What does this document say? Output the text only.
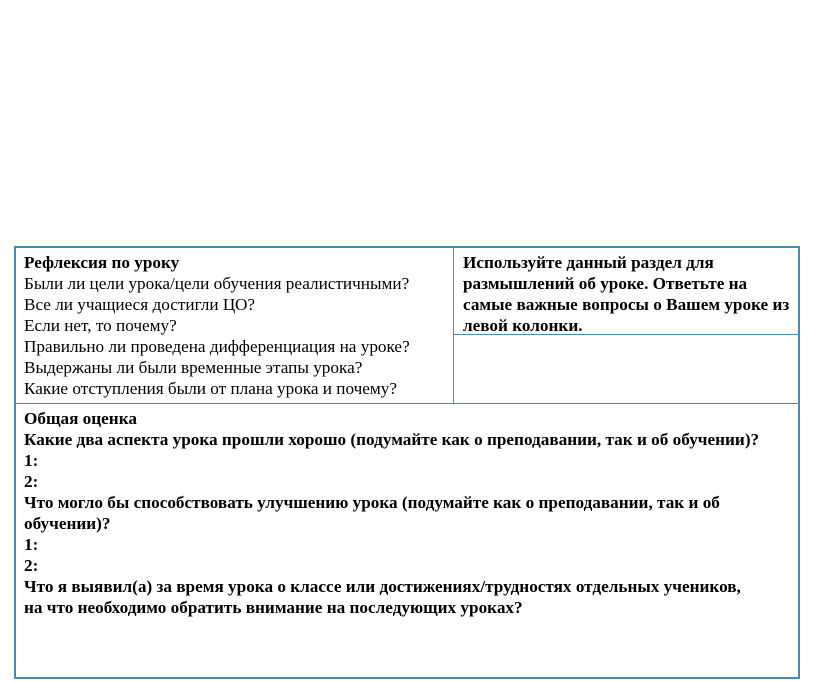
Рефлексия по уроку
Были ли цели урока/цели обучения реалистичными?
Все ли учащиеся достигли ЦО?
Если нет, то почему?
Правильно ли проведена дифференциация на уроке?
Выдержаны ли были временные этапы урока?
Какие отступления были от плана урока и почему?
Используйте данный раздел для размышлений об уроке. Ответьте на самые важные вопросы о Вашем уроке из левой колонки.
Общая оценка
Какие два аспекта урока прошли хорошо (подумайте как о преподавании, так и об обучении)?
1:
2:
Что могло бы способствовать улучшению урока (подумайте как о преподавании, так и об обучении)?
1:
2:
Что я выявил(а) за время урока о классе или достижениях/трудностях отдельных учеников, на что необходимо обратить внимание на последующих уроках?
